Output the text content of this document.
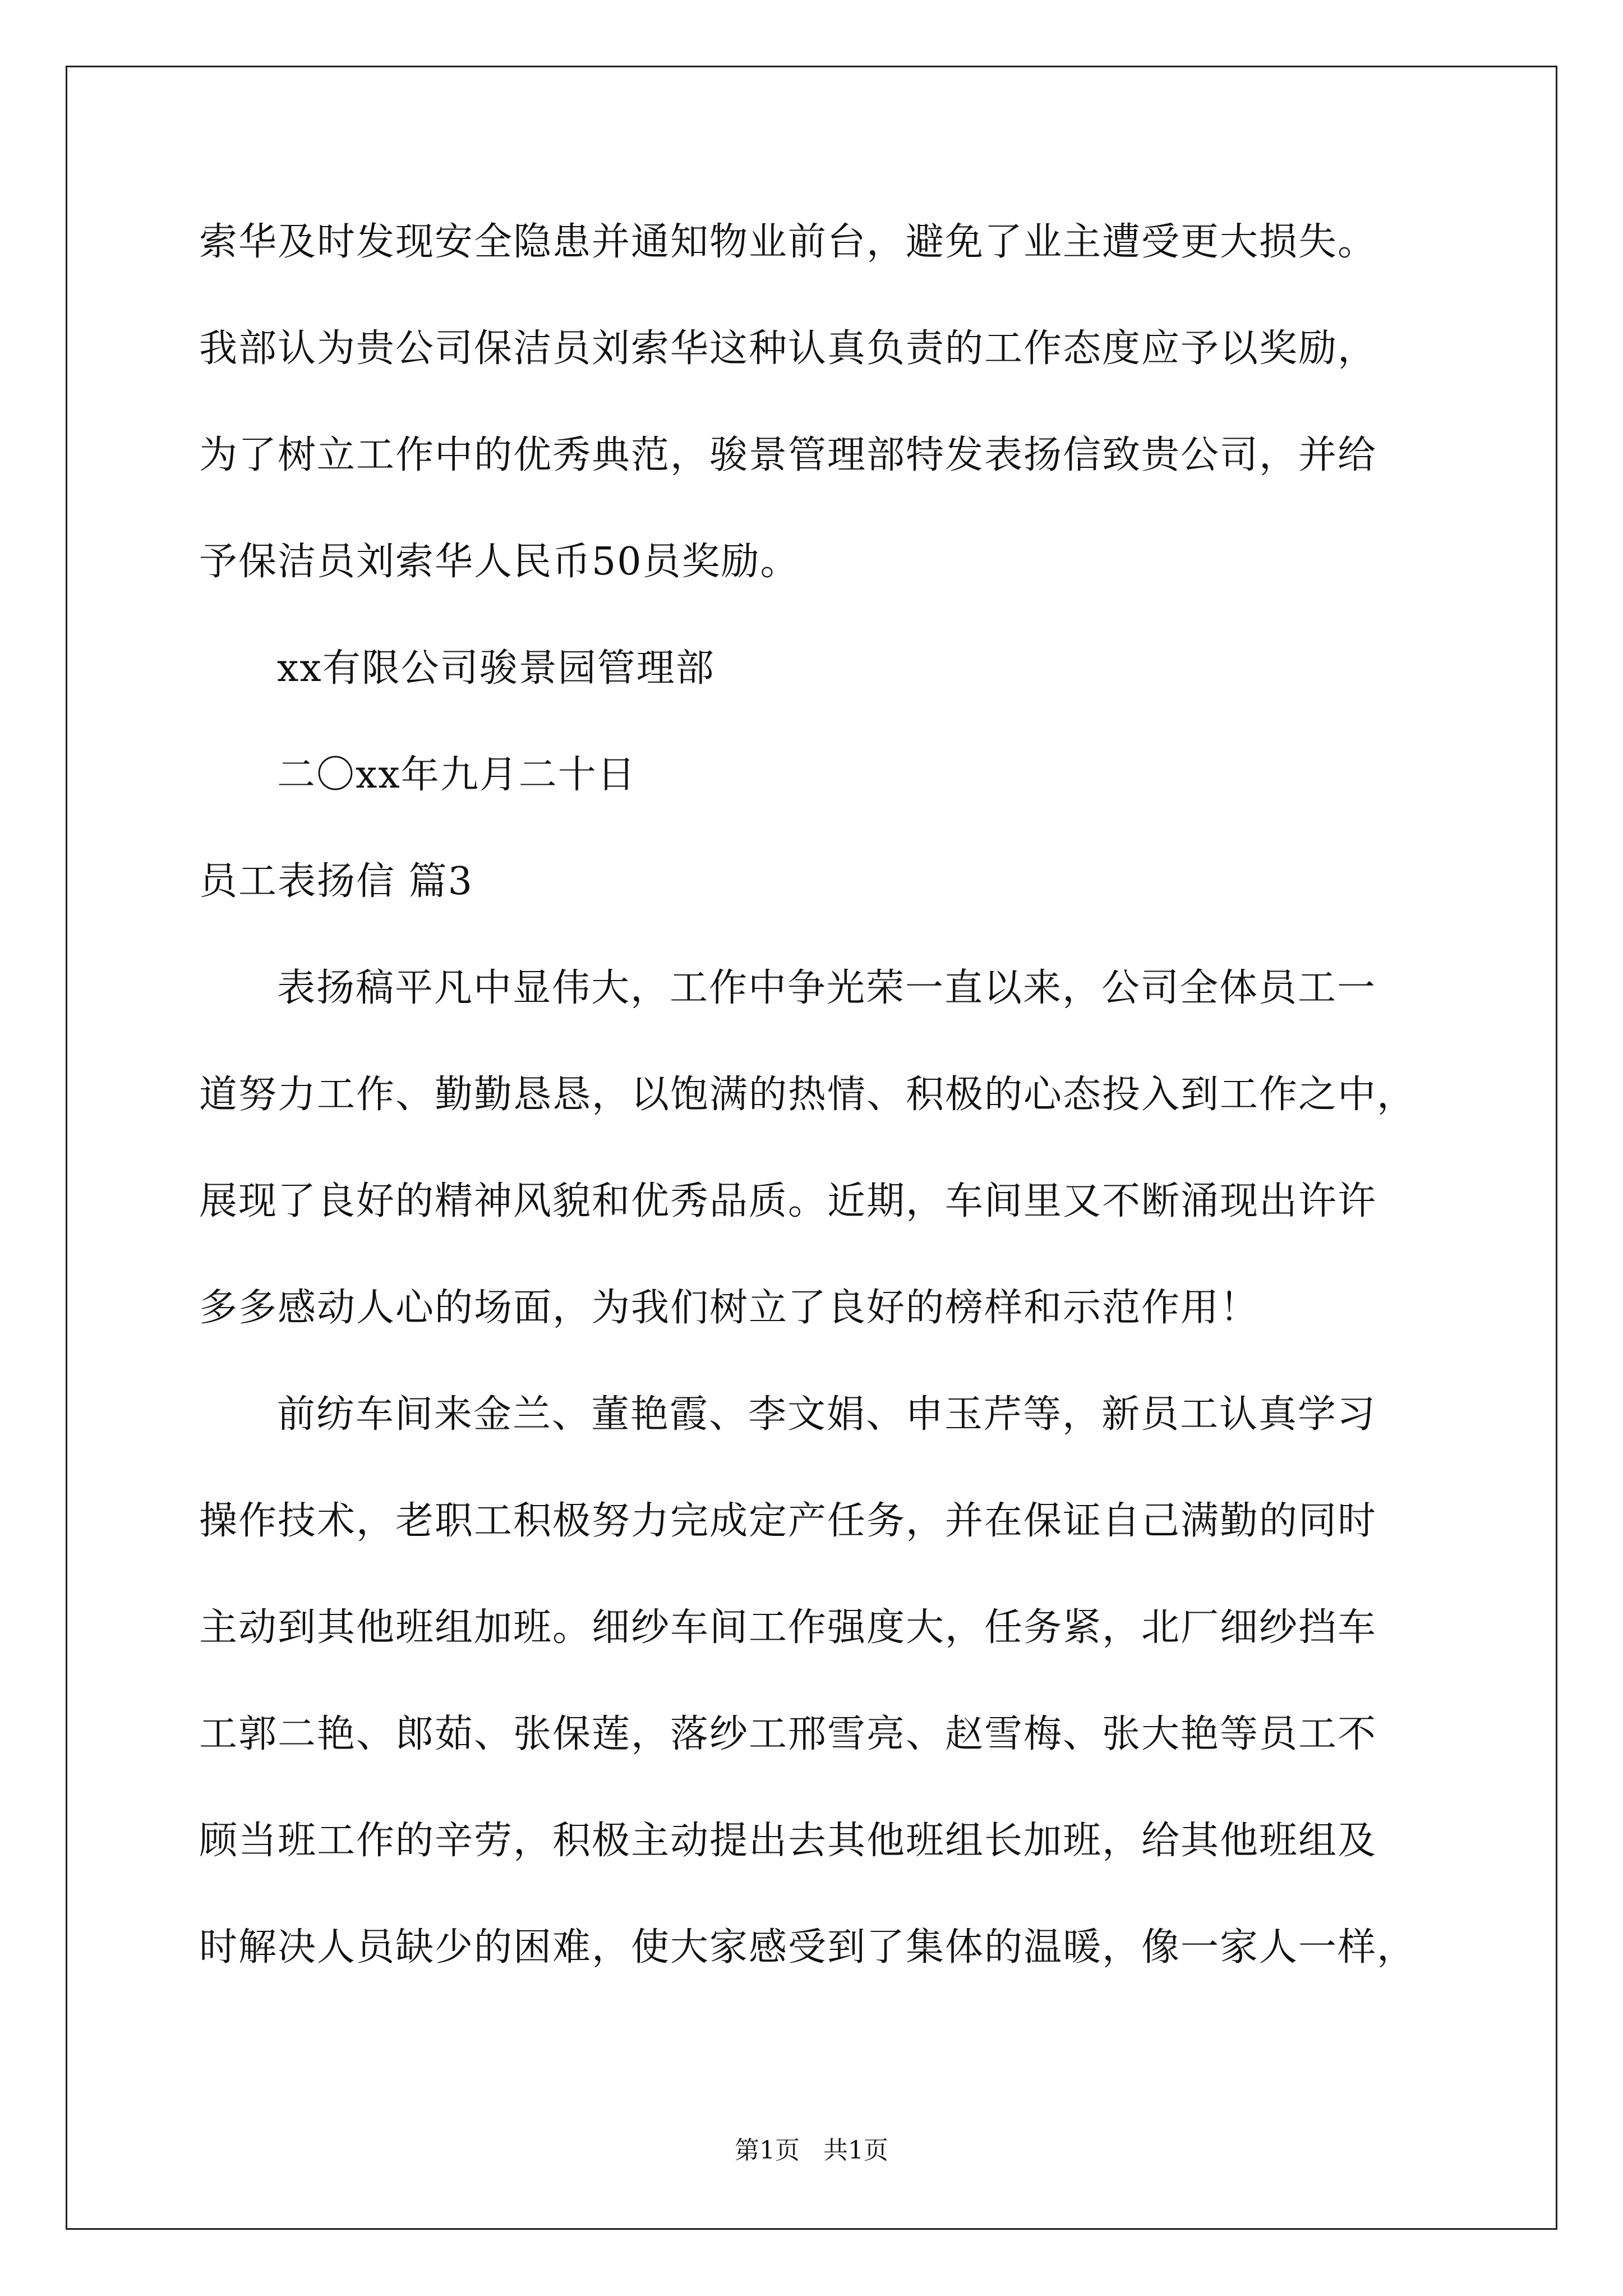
索华及时发现安全隐患并通知物业前台，避免了业主遭受更大损失。
我部认为贵公司保洁员刘索华这种认真负责的工作态度应予以奖励，
为了树立工作中的优秀典范，骏景管理部特发表扬信致贵公司，并给
予保洁员刘索华人民币50员奖励。
xx有限公司骏景园管理部
二〇xx年九月二十日
员工表扬信 篇3
表扬稿平凡中显伟大，工作中争光荣一直以来，公司全体员工一
道努力工作、勤勤恳恳，以饱满的热情、积极的心态投入到工作之中，
展现了良好的精神风貌和优秀品质。近期，车间里又不断涌现出许许
多多感动人心的场面，为我们树立了良好的榜样和示范作用！
前纺车间来金兰、董艳霞、李文娟、申玉芹等，新员工认真学习
操作技术，老职工积极努力完成定产任务，并在保证自己满勤的同时
主动到其他班组加班。细纱车间工作强度大，任务紧，北厂细纱挡车
工郭二艳、郎茹、张保莲，落纱工邢雪亮、赵雪梅、张大艳等员工不
顾当班工作的辛劳，积极主动提出去其他班组长加班，给其他班组及
时解决人员缺少的困难，使大家感受到了集体的温暖，像一家人一样，
第1页   共1页
